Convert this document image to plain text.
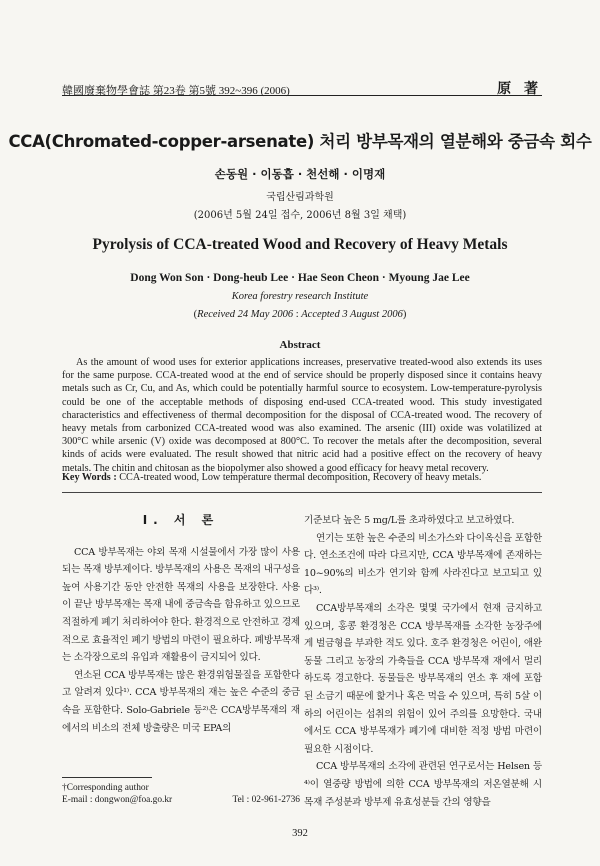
韓國廢棄物學會誌 第23卷 第5號 392~396 (2006)	原 著
CCA(Chromated-copper-arsenate) 처리 방부목재의 열분해와 중금속 회수
손동원 · 이동흡 · 천선해 · 이명재
국립산림과학원
(2006년 5월 24일 접수, 2006년 8월 3일 채택)
Pyrolysis of CCA-treated Wood and Recovery of Heavy Metals
Dong Won Son · Dong-heub Lee · Hae Seon Cheon · Myoung Jae Lee
Korea forestry research Institute
(Received 24 May 2006 : Accepted 3 August 2006)
Abstract
As the amount of wood uses for exterior applications increases, preservative treated-wood also extends its uses for the same purpose. CCA-treated wood at the end of service should be properly disposed since it contains heavy metals such as Cr, Cu, and As, which could be potentially harmful source to ecosystem. Low-temperature-pyrolysis could be one of the acceptable methods of disposing end-used CCA-treated wood. This study investigated characteristics and effectiveness of thermal decomposition for the disposal of CCA-treated wood. The recovery of heavy metals from carbonized CCA-treated wood was also examined. The arsenic (III) oxide was volatilized at 300°C while arsenic (V) oxide was decomposed at 800°C. To recover the metals after the decomposition, several kinds of acids were evaluated. The result showed that nitric acid had a positive effect on the recovery of heavy metals. The chitin and chitosan as the biopolymer also showed a good efficacy for heavy metal recovery.
Key Words : CCA-treated wood, Low temperature thermal decomposition, Recovery of heavy metals.
I. 서 론

CCA 방부목재는 야외 목재 시설물에서 가장 많이 사용 되는 목재 방부제이다. 방부목재의 사용은 목재의 내구성을 높여 사용기간 동안 안전한 목재의 사용을 보장한다. 사용이 끝난 방부목재는 목재 내에 중금속을 함유하고 있으므로 적절하게 폐기 처리하여야 한다. 환경적으로 안전하고 경제적으로 효율적인 폐기 방법의 마련이 필요하다. 폐방부목재는 소각장으로의 유입과 재활용이 금지되어 있다.

연소된 CCA 방부목재는 많은 환경위험물질을 포함한다고 알려져 있다¹⁾. CCA 방부목재의 재는 높은 수준의 중금속을 포함한다. Solo-Gabriele 등²⁾은 CCA방부목재의 재에서의 비소의 전체 방출량은 미국 EPA의

기준보다 높은 5 mg/L를 초과하였다고 보고하였다.

연기는 또한 높은 수준의 비소가스와 다이옥신을 포함한다. 연소조건에 따라 다르지만, CCA 방부목재에 존재하는 10~90%의 비소가 연기와 함께 사라진다고 보고되고 있다³⁾.

CCA방부목재의 소각은 몇몇 국가에서 현재 금지하고 있으며, 홍콩 환경청은 CCA 방부목재를 소각한 농장주에게 벌금형을 부과한 적도 있다. 호주 환경청은 어린이, 애완동물 그리고 농장의 가축들을 CCA 방부목재 재에서 멀리하도록 경고한다. 동물들은 방부목재의 연소 후 재에 포함된 소금기 때문에 핥거나 혹은 먹을 수 있으며, 특히 5살 이하의 어린이는 섭취의 위험이 있어 주의를 요망한다. 국내에서도 CCA 방부목재가 폐기에 대비한 적정 방법 마련이 필요한 시점이다.

CCA 방부목재의 소각에 관련된 연구로서는 Helsen 등⁴⁾이 열중량 방법에 의한 CCA 방부목재의 저온열분해 시 목재 주성분과 방부제 유효성분들 간의 영향을

†Corresponding author
E-mail : dongwon@foa.go.kr	Tel : 02-961-2736
392
